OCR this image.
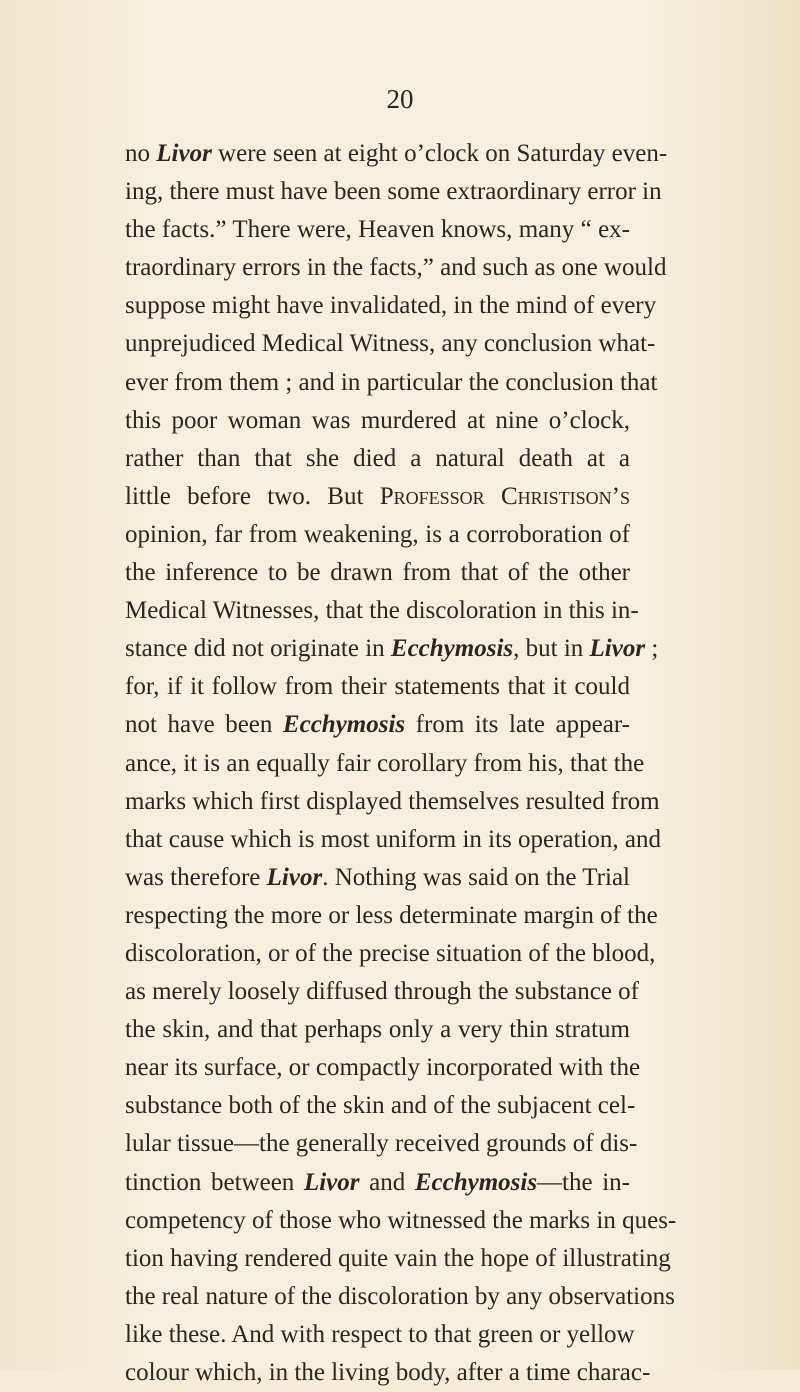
20
no Livor were seen at eight o’clock on Saturday even-
ing, there must have been some extraordinary error in
the facts.” There were, Heaven knows, many “ ex-
traordinary errors in the facts,” and such as one would
suppose might have invalidated, in the mind of every
unprejudiced Medical Witness, any conclusion what-
ever from them ; and in particular the conclusion that
this poor woman was murdered at nine o’clock,
rather than that she died a natural death at a
little before two. But Professor Christison’s
opinion, far from weakening, is a corroboration of
the inference to be drawn from that of the other
Medical Witnesses, that the discoloration in this in-
stance did not originate in Ecchymosis, but in Livor ;
for, if it follow from their statements that it could
not have been Ecchymosis from its late appear-
ance, it is an equally fair corollary from his, that the
marks which first displayed themselves resulted from
that cause which is most uniform in its operation, and
was therefore Livor. Nothing was said on the Trial
respecting the more or less determinate margin of the
discoloration, or of the precise situation of the blood,
as merely loosely diffused through the substance of
the skin, and that perhaps only a very thin stratum
near its surface, or compactly incorporated with the
substance both of the skin and of the subjacent cel-
lular tissue—the generally received grounds of dis-
tinction between Livor and Ecchymosis—the in-
competency of those who witnessed the marks in ques-
tion having rendered quite vain the hope of illustrating
the real nature of the discoloration by any observations
like these. And with respect to that green or yellow
colour which, in the living body, after a time charac-
